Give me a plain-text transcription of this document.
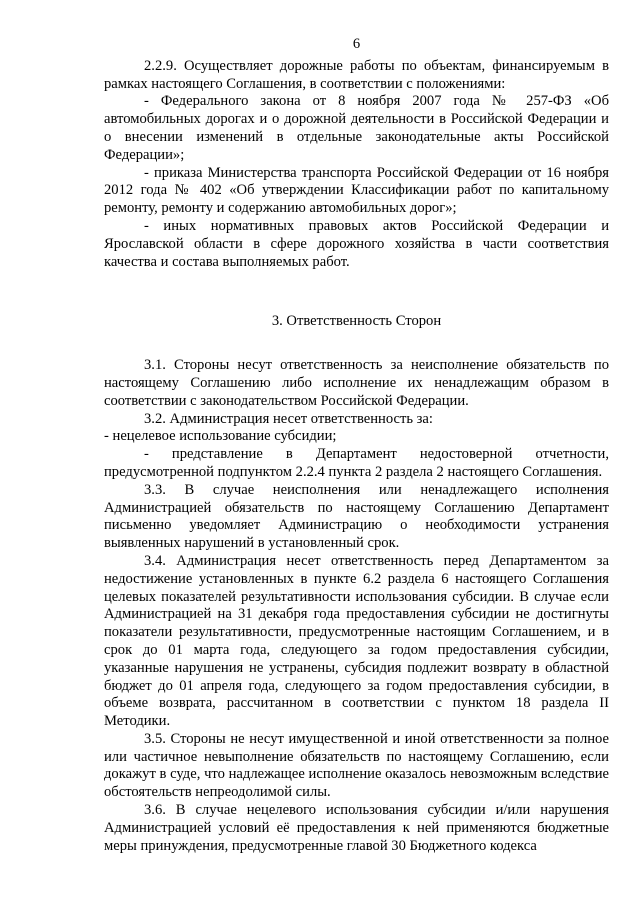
6

2.2.9. Осуществляет дорожные работы по объектам, финансируемым в рамках настоящего Соглашения, в соответствии с положениями:

- Федерального закона от 8 ноября 2007 года № 257-ФЗ «Об автомобильных дорогах и о дорожной деятельности в Российской Федерации и о внесении изменений в отдельные законодательные акты Российской Федерации»;

- приказа Министерства транспорта Российской Федерации от 16 ноября 2012 года № 402 «Об утверждении Классификации работ по капитальному ремонту, ремонту и содержанию автомобильных дорог»;

- иных нормативных правовых актов Российской Федерации и Ярославской области в сфере дорожного хозяйства в части соответствия качества и состава выполняемых работ.

3. Ответственность Сторон

3.1. Стороны несут ответственность за неисполнение обязательств по настоящему Соглашению либо исполнение их ненадлежащим образом в соответствии с законодательством Российской Федерации.

3.2. Администрация несет ответственность за:

- нецелевое использование субсидии;

- представление в Департамент недостоверной отчетности, предусмотренной подпунктом 2.2.4 пункта 2 раздела 2 настоящего Соглашения.

3.3. В случае неисполнения или ненадлежащего исполнения Администрацией обязательств по настоящему Соглашению Департамент письменно уведомляет Администрацию о необходимости устранения выявленных нарушений в установленный срок.

3.4. Администрация несет ответственность перед Департаментом за недостижение установленных в пункте 6.2 раздела 6 настоящего Соглашения целевых показателей результативности использования субсидии. В случае если Администрацией на 31 декабря года предоставления субсидии не достигнуты показатели результативности, предусмотренные настоящим Соглашением, и в срок до 01 марта года, следующего за годом предоставления субсидии, указанные нарушения не устранены, субсидия подлежит возврату в областной бюджет до 01 апреля года, следующего за годом предоставления субсидии, в объеме возврата, рассчитанном в соответствии с пунктом 18 раздела II Методики.

3.5. Стороны не несут имущественной и иной ответственности за полное или частичное невыполнение обязательств по настоящему Соглашению, если докажут в суде, что надлежащее исполнение оказалось невозможным вследствие обстоятельств непреодолимой силы.

3.6. В случае нецелевого использования субсидии и/или нарушения Администрацией условий её предоставления к ней применяются бюджетные меры принуждения, предусмотренные главой 30 Бюджетного кодекса
